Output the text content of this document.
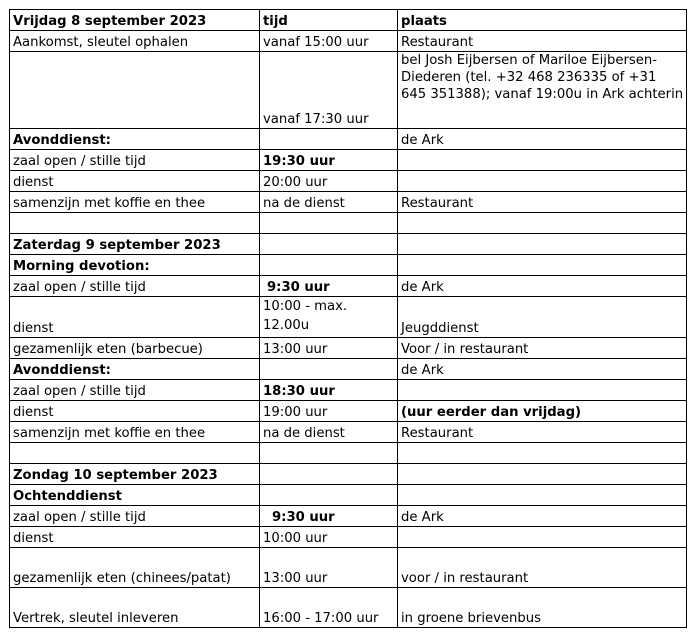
Vrijdag 8 september 2023	tijd	plaats
Aankomst, sleutel ophalen	vanaf 15:00 uur	Restaurant
	vanaf 17:30 uur	bel Josh Eijbersen of Mariloe Eijbersen-Diederen (tel. +32 468 236335 of +31 645 351388); vanaf 19:00u in Ark achterin
Avonddienst:		de Ark
zaal open / stille tijd	19:30 uur	
dienst	20:00 uur	
samenzijn met koffie en thee	na de dienst	Restaurant

Zaterdag 9 september 2023		
Morning devotion:		
zaal open / stille tijd	9:30 uur	de Ark
dienst	10:00 - max. 12.00u	Jeugddienst
gezamenlijk eten (barbecue)	13:00 uur	Voor / in restaurant
Avonddienst:		de Ark
zaal open / stille tijd	18:30 uur	
dienst	19:00 uur	(uur eerder dan vrijdag)
samenzijn met koffie en thee	na de dienst	Restaurant

Zondag 10 september 2023		
Ochtenddienst		
zaal open / stille tijd	9:30 uur	de Ark
dienst	10:00 uur	
gezamenlijk eten (chinees/patat)	13:00 uur	voor / in restaurant
Vertrek, sleutel inleveren	16:00 - 17:00 uur	in groene brievenbus
